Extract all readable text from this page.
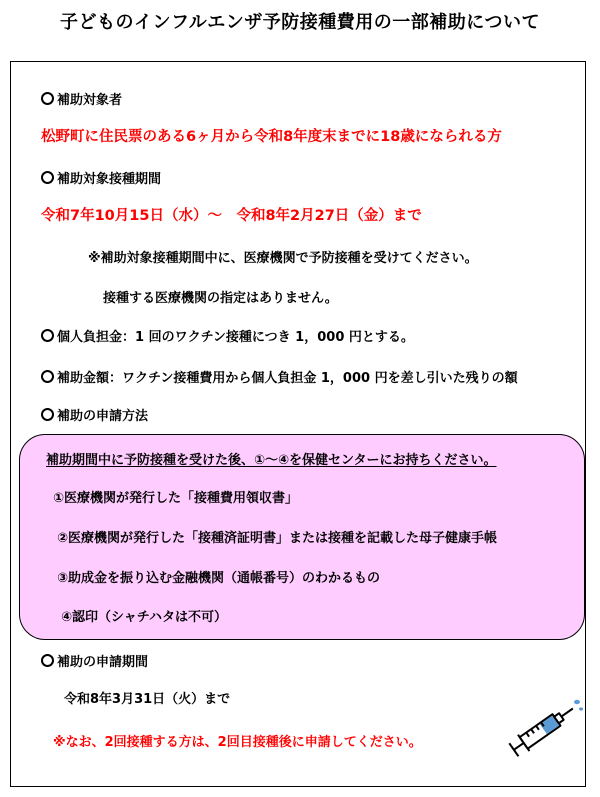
子どものインフルエンザ予防接種費用の一部補助について
補助対象者
松野町に住民票のある6ヶ月から令和8年度末までに18歳になられる方
補助対象接種期間
令和7年10月15日（水）～　令和8年2月27日（金）まで
※補助対象接種期間中に、医療機関で予防接種を受けてください。
接種する医療機関の指定はありません。
個人負担金：1 回のワクチン接種につき 1，000 円とする。
補助金額：ワクチン接種費用から個人負担金 1，000 円を差し引いた残りの額
補助の申請方法
補助期間中に予防接種を受けた後、①～④を保健センターにお持ちください。
①医療機関が発行した「接種費用領収書」
②医療機関が発行した「接種済証明書」または接種を記載した母子健康手帳
③助成金を振り込む金融機関（通帳番号）のわかるもの
④認印（シャチハタは不可）
補助の申請期間
令和8年3月31日（火）まで
※なお、2回接種する方は、2回目接種後に申請してください。
